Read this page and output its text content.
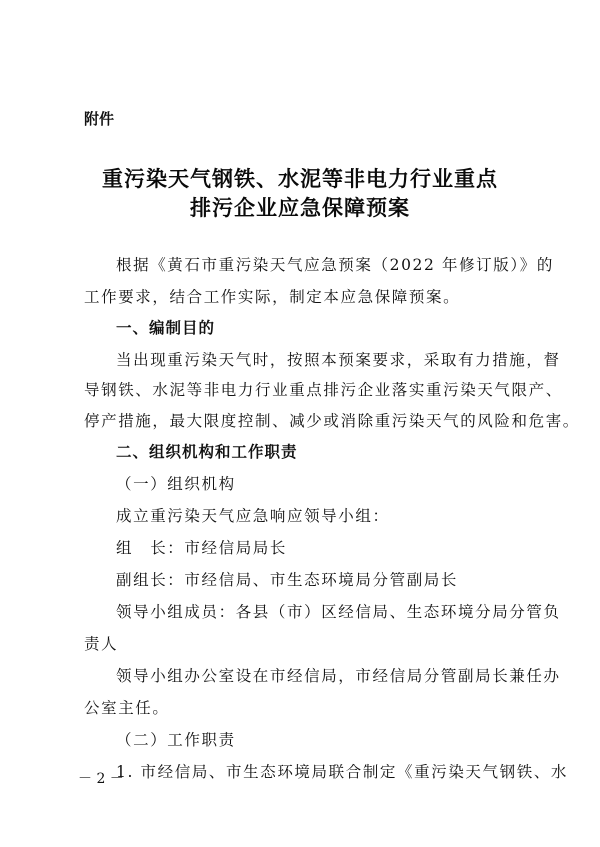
附件
重污染天气钢铁、水泥等非电力行业重点
排污企业应急保障预案
根据《黄石市重污染天气应急预案（2022 年修订版）》的
工作要求，结合工作实际，制定本应急保障预案。
一、编制目的
当出现重污染天气时，按照本预案要求，采取有力措施，督
导钢铁、水泥等非电力行业重点排污企业落实重污染天气限产、
停产措施，最大限度控制、减少或消除重污染天气的风险和危害。
二、组织机构和工作职责
（一）组织机构
成立重污染天气应急响应领导小组：
组　长：市经信局局长
副组长：市经信局、市生态环境局分管副局长
领导小组成员：各县（市）区经信局、生态环境分局分管负
责人
领导小组办公室设在市经信局，市经信局分管副局长兼任办
公室主任。
（二）工作职责
1. 市经信局、市生态环境局联合制定《重污染天气钢铁、水
－ 2 －
